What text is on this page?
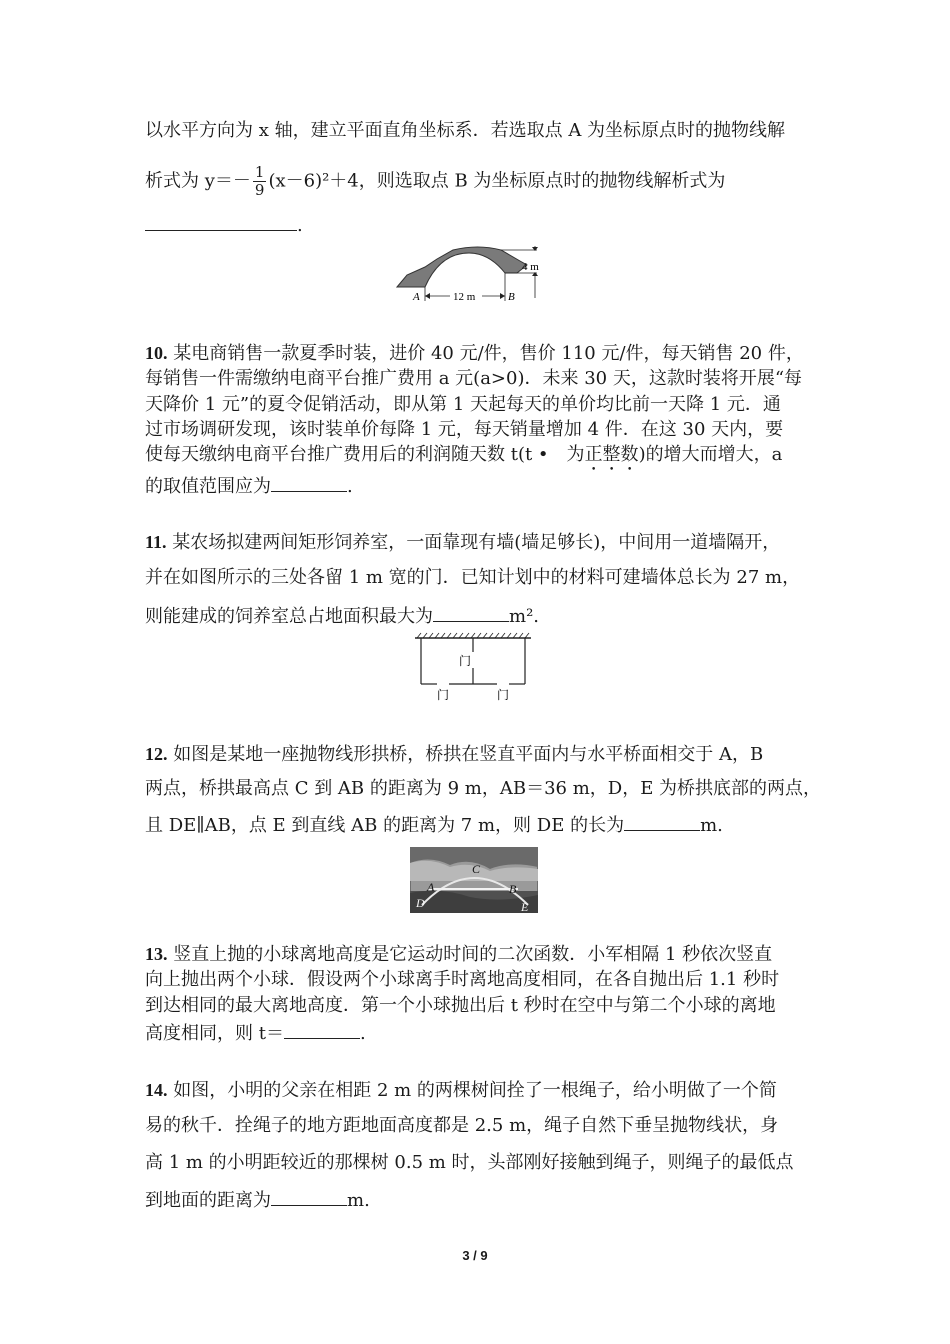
以水平方向为 x 轴，建立平面直角坐标系．若选取点 A 为坐标原点时的抛物线解
析式为 $y=- \frac{1}{9} (x-6)^2+4$，则选取点 B 为坐标原点时的抛物线解析式为
.
4 m
12 m
A	B
10. 某电商销售一款夏季时装，进价 40 元/件，售价 110 元/件，每天销售 20 件，
每销售一件需缴纳电商平台推广费用 a 元(a>0)．未来 30 天，这款时装将开展“每
天降价 1 元”的夏令促销活动，即从第 1 天起每天的单价均比前一天降 1 元．通
过市场调研发现，该时装单价每降 1 元，每天销量增加 4 件．在这 30 天内，要
使每天缴纳电商平台推广费用后的利润随天数 t(t •　为正整数)的增大而增大，a
的取值范围应为	.
11. 某农场拟建两间矩形饲养室，一面靠现有墙(墙足够长)，中间用一道墙隔开，
并在如图所示的三处各留 1 m 宽的门．已知计划中的材料可建墙体总长为 27 m，
则能建成的饲养室总占地面积最大为	m².
门
门	门
12. 如图是某地一座抛物线形拱桥，桥拱在竖直平面内与水平桥面相交于 A，B
两点，桥拱最高点 C 到 AB 的距离为 9 m，AB＝36 m，D，E 为桥拱底部的两点，
且 DE∥AB，点 E 到直线 AB 的距离为 7 m，则 DE 的长为	m.
C
A	B
D	E
13. 竖直上抛的小球离地高度是它运动时间的二次函数．小军相隔 1 秒依次竖直
向上抛出两个小球．假设两个小球离手时离地高度相同，在各自抛出后 1.1 秒时
到达相同的最大离地高度．第一个小球抛出后 t 秒时在空中与第二个小球的离地
高度相同，则 t＝	.
14. 如图，小明的父亲在相距 2 m 的两棵树间拴了一根绳子，给小明做了一个简
易的秋千．拴绳子的地方距地面高度都是 2.5 m，绳子自然下垂呈抛物线状，身
高 1 m 的小明距较近的那棵树 0.5 m 时，头部刚好接触到绳子，则绳子的最低点
到地面的距离为	m.
3 / 9
